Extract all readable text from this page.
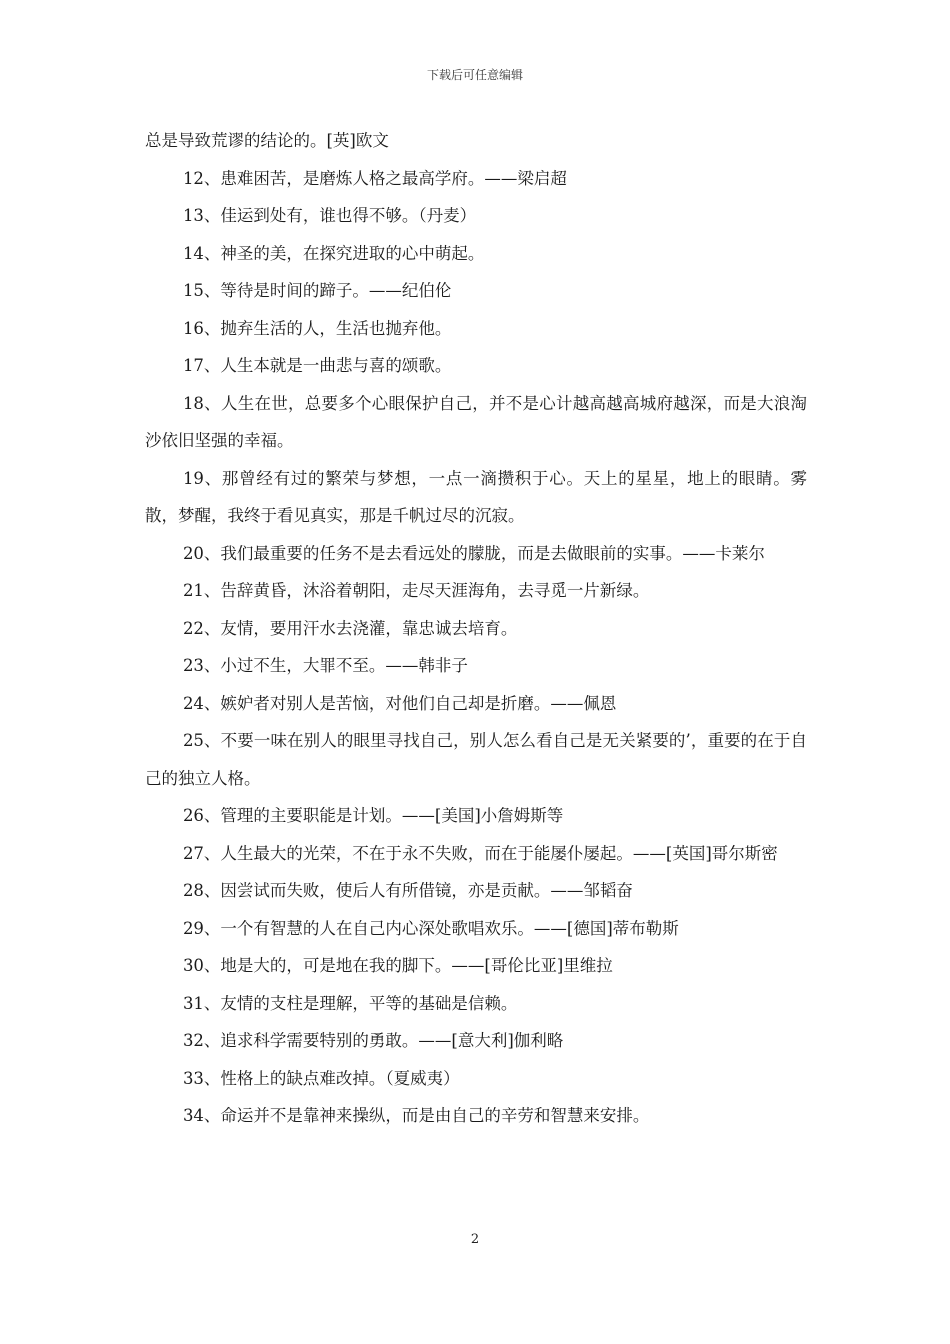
下载后可任意编辑

总是导致荒谬的结论的。[英]欧文

12、患难困苦，是磨炼人格之最高学府。——梁启超

13、佳运到处有，谁也得不够。（丹麦）

14、神圣的美，在探究进取的心中萌起。

15、等待是时间的蹄子。——纪伯伦

16、抛弃生活的人，生活也抛弃他。

17、人生本就是一曲悲与喜的颂歌。

18、人生在世，总要多个心眼保护自己，并不是心计越高越高城府越深，而是大浪淘沙依旧坚强的幸福。

19、那曾经有过的繁荣与梦想，一点一滴攒积于心。天上的星星，地上的眼睛。雾散，梦醒，我终于看见真实，那是千帆过尽的沉寂。

20、我们最重要的任务不是去看远处的朦胧，而是去做眼前的实事。——卡莱尔

21、告辞黄昏，沐浴着朝阳，走尽天涯海角，去寻觅一片新绿。

22、友情，要用汗水去浇灌，靠忠诚去培育。

23、小过不生，大罪不至。——韩非子

24、嫉妒者对别人是苦恼，对他们自己却是折磨。——佩恩

25、不要一味在别人的眼里寻找自己，别人怎么看自己是无关紧要的’，重要的在于自己的独立人格。

26、管理的主要职能是计划。——[美国]小詹姆斯等

27、人生最大的光荣，不在于永不失败，而在于能屡仆屡起。——[英国]哥尔斯密

28、因尝试而失败，使后人有所借镜，亦是贡献。——邹韬奋

29、一个有智慧的人在自己内心深处歌唱欢乐。——[德国]蒂布勒斯

30、地是大的，可是地在我的脚下。——[哥伦比亚]里维拉

31、友情的支柱是理解，平等的基础是信赖。

32、追求科学需要特别的勇敢。——[意大利]伽利略

33、性格上的缺点难改掉。（夏威夷）

34、命运并不是靠神来操纵，而是由自己的辛劳和智慧来安排。

2
